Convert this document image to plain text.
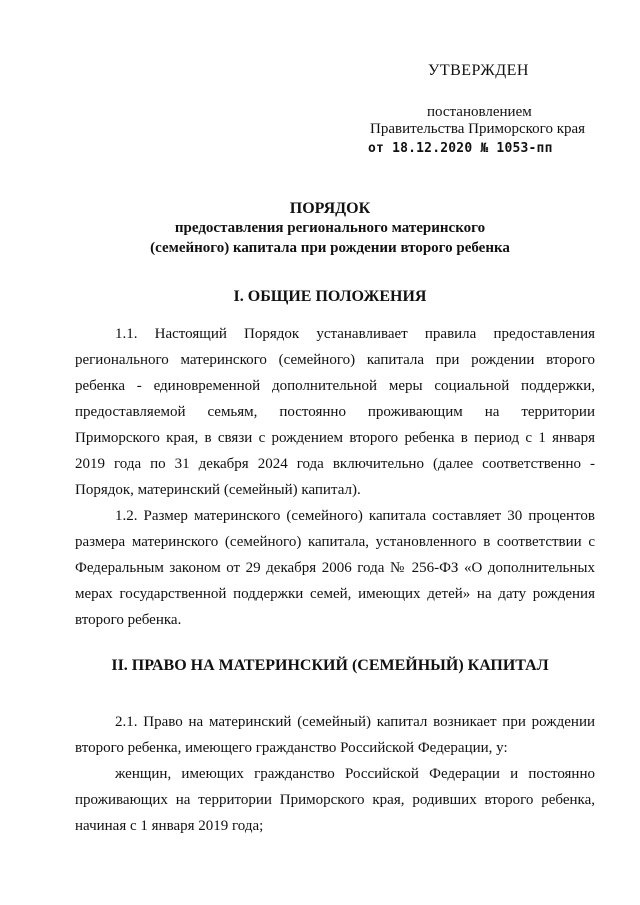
УТВЕРЖДЕН
постановлением
Правительства Приморского края
от 18.12.2020 № 1053-пп
ПОРЯДОК
предоставления регионального материнского
(семейного) капитала при рождении второго ребенка
I. ОБЩИЕ ПОЛОЖЕНИЯ
1.1. Настоящий Порядок устанавливает правила предоставления
регионального материнского (семейного) капитала при рождении второго
ребенка - единовременной дополнительной меры социальной поддержки,
предоставляемой семьям, постоянно проживающим на территории
Приморского края, в связи с рождением второго ребенка в период с 1 января
2019 года по 31 декабря 2024 года включительно (далее соответственно -
Порядок, материнский (семейный) капитал).
1.2. Размер материнского (семейного) капитала составляет 30 процентов
размера материнского (семейного) капитала, установленного в соответствии с
Федеральным законом от 29 декабря 2006 года № 256-ФЗ «О дополнительных
мерах государственной поддержки семей, имеющих детей» на дату рождения
второго ребенка.
II. ПРАВО НА МАТЕРИНСКИЙ (СЕМЕЙНЫЙ) КАПИТАЛ
2.1. Право на материнский (семейный) капитал возникает при рождении
второго ребенка, имеющего гражданство Российской Федерации, у:
женщин, имеющих гражданство Российской Федерации и постоянно
проживающих на территории Приморского края, родивших второго ребенка,
начиная с 1 января 2019 года;
